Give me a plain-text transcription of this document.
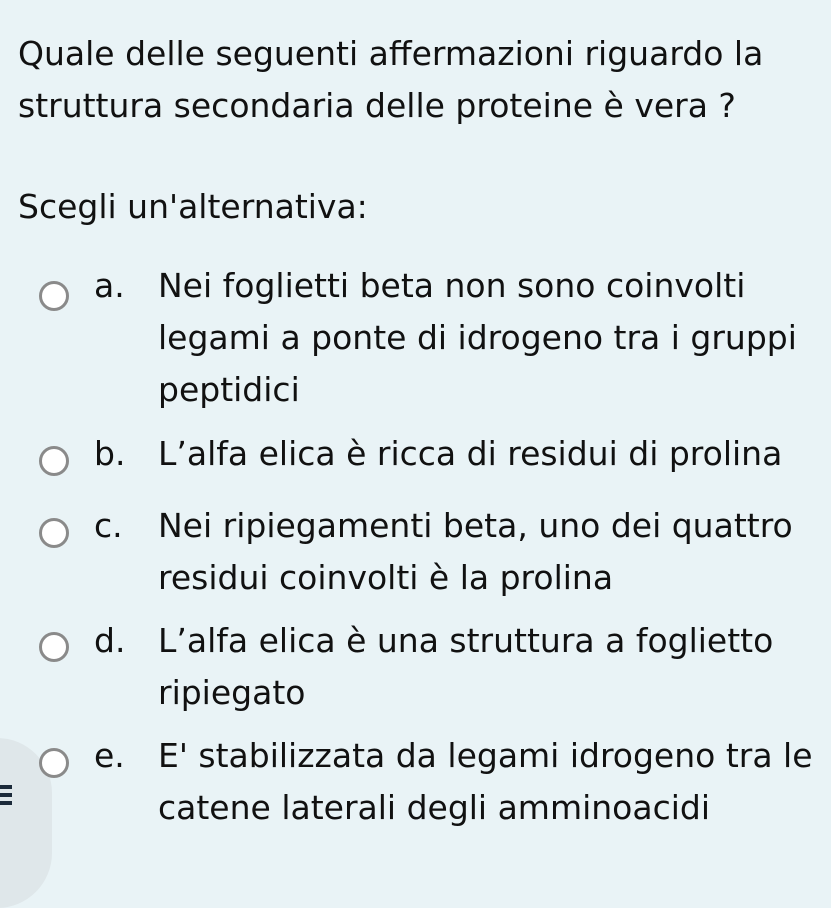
Quale delle seguenti affermazioni riguardo la struttura secondaria delle proteine è vera ?

Scegli un'alternativa:

a. Nei foglietti beta non sono coinvolti legami a ponte di idrogeno tra i gruppi peptidici
b. L’alfa elica è ricca di residui di prolina
c. Nei ripiegamenti beta, uno dei quattro residui coinvolti è la prolina
d. L’alfa elica è una struttura a foglietto ripiegato
e. E' stabilizzata da legami idrogeno tra le catene laterali degli amminoacidi
